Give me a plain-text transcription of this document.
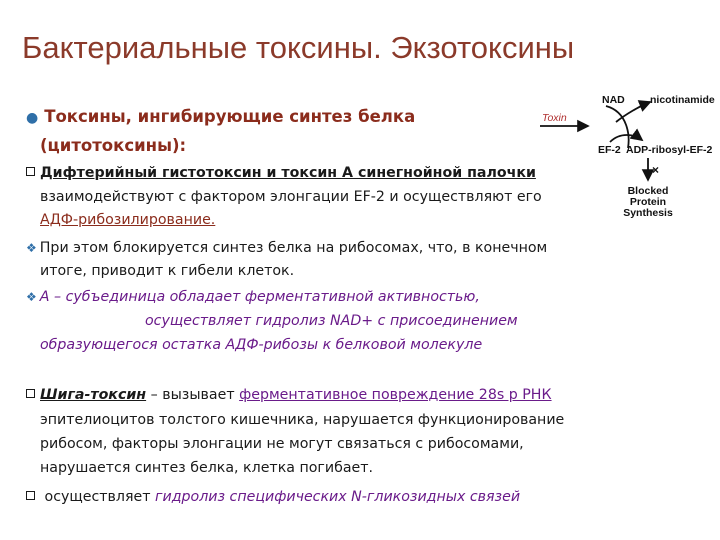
Бактериальные токсины. Экзотоксины
● Токсины, ингибирующие синтез белка
(цитотоксины):
×
NAD nicotinamide
Toxin
EF-2 ADP-ribosyl-EF-2
Blocked
Protein
Synthesis
Дифтерийный гистотоксин и токсин А синегнойной палочки
взаимодействуют с фактором элонгации EF-2 и осуществляют его
АДФ-рибозилирование.
❖ При этом блокируется синтез белка на рибосомах, что, в конечном
итоге, приводит к гибели клеток.
❖ А – субъединица обладает ферментативной активностью,
осуществляет гидролиз NAD+ с присоединением
образующегося остатка АДФ-рибозы к белковой молекуле
Шига-токсин – вызывает ферментативное повреждение 28s р РНК
эпителиоцитов толстого кишечника, нарушается функционирование
рибосом, факторы элонгации не могут связаться с рибосомами,
нарушается синтез белка, клетка погибает.
осуществляет гидролиз специфических N-гликозидных связей
